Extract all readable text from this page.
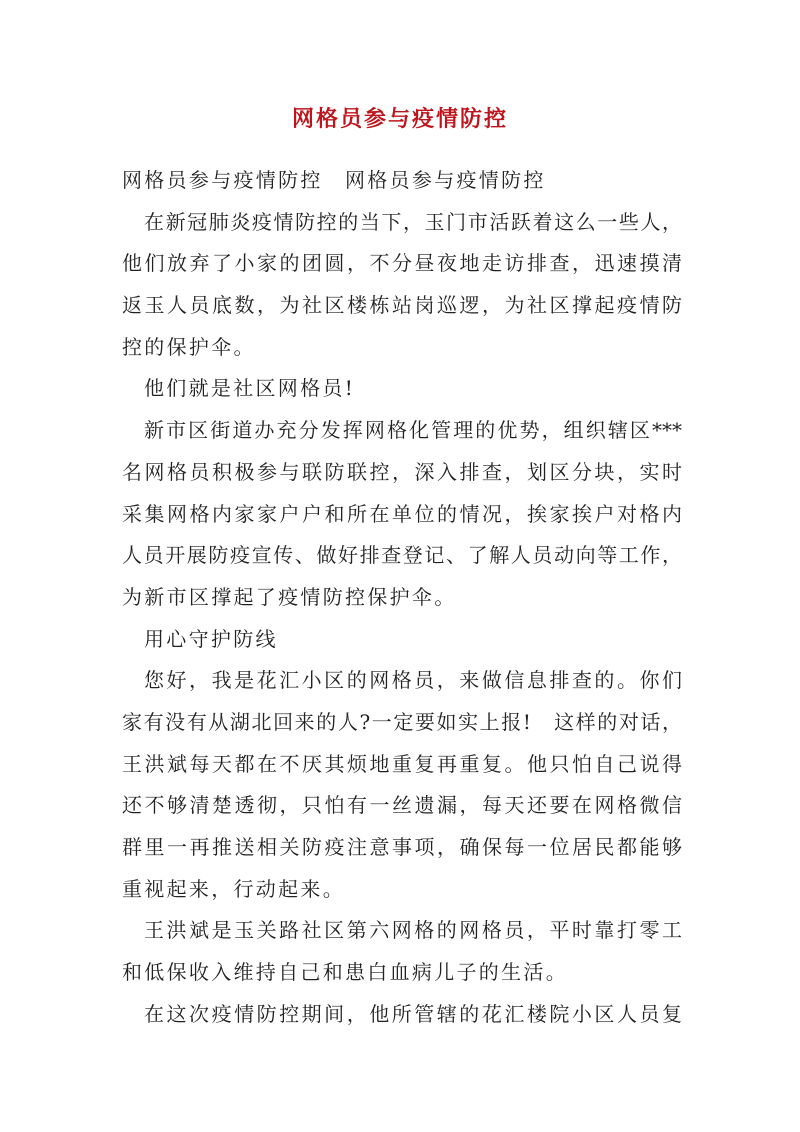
网格员参与疫情防控
网格员参与疫情防控　网格员参与疫情防控
在新冠肺炎疫情防控的当下，玉门市活跃着这么一些人，
他们放弃了小家的团圆，不分昼夜地走访排查，迅速摸清
返玉人员底数，为社区楼栋站岗巡逻，为社区撑起疫情防
控的保护伞。
他们就是社区网格员!
新市区街道办充分发挥网格化管理的优势，组织辖区***
名网格员积极参与联防联控，深入排查，划区分块，实时
采集网格内家家户户和所在单位的情况，挨家挨户对格内
人员开展防疫宣传、做好排查登记、了解人员动向等工作，
为新市区撑起了疫情防控保护伞。
用心守护防线
您好，我是花汇小区的网格员，来做信息排查的。你们
家有没有从湖北回来的人?一定要如实上报!　这样的对话，
王洪斌每天都在不厌其烦地重复再重复。他只怕自己说得
还不够清楚透彻，只怕有一丝遗漏，每天还要在网格微信
群里一再推送相关防疫注意事项，确保每一位居民都能够
重视起来，行动起来。
王洪斌是玉关路社区第六网格的网格员，平时靠打零工
和低保收入维持自己和患白血病儿子的生活。
在这次疫情防控期间，他所管辖的花汇楼院小区人员复
